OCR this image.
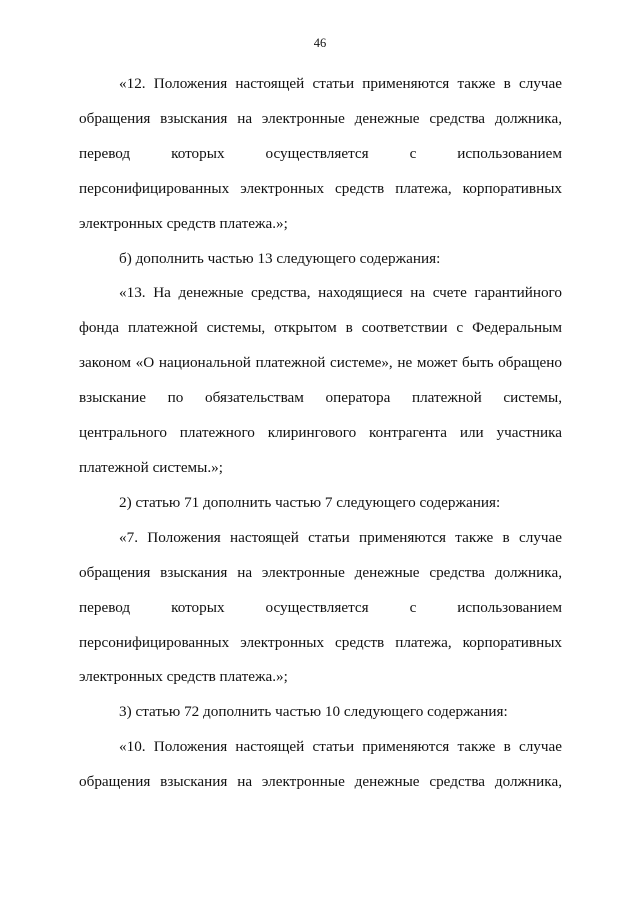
46

«12. Положения настоящей статьи применяются также в случае обращения взыскания на электронные денежные средства должника, перевод которых осуществляется с использованием персонифицированных электронных средств платежа, корпоративных электронных средств платежа.»;

б) дополнить частью 13 следующего содержания:

«13. На денежные средства, находящиеся на счете гарантийного фонда платежной системы, открытом в соответствии с Федеральным законом «О национальной платежной системе», не может быть обращено взыскание по обязательствам оператора платежной системы, центрального платежного клирингового контрагента или участника платежной системы.»;

2) статью 71 дополнить частью 7 следующего содержания:

«7. Положения настоящей статьи применяются также в случае обращения взыскания на электронные денежные средства должника, перевод которых осуществляется с использованием персонифицированных электронных средств платежа, корпоративных электронных средств платежа.»;

3) статью 72 дополнить частью 10 следующего содержания:

«10. Положения настоящей статьи применяются также в случае обращения взыскания на электронные денежные средства должника,
